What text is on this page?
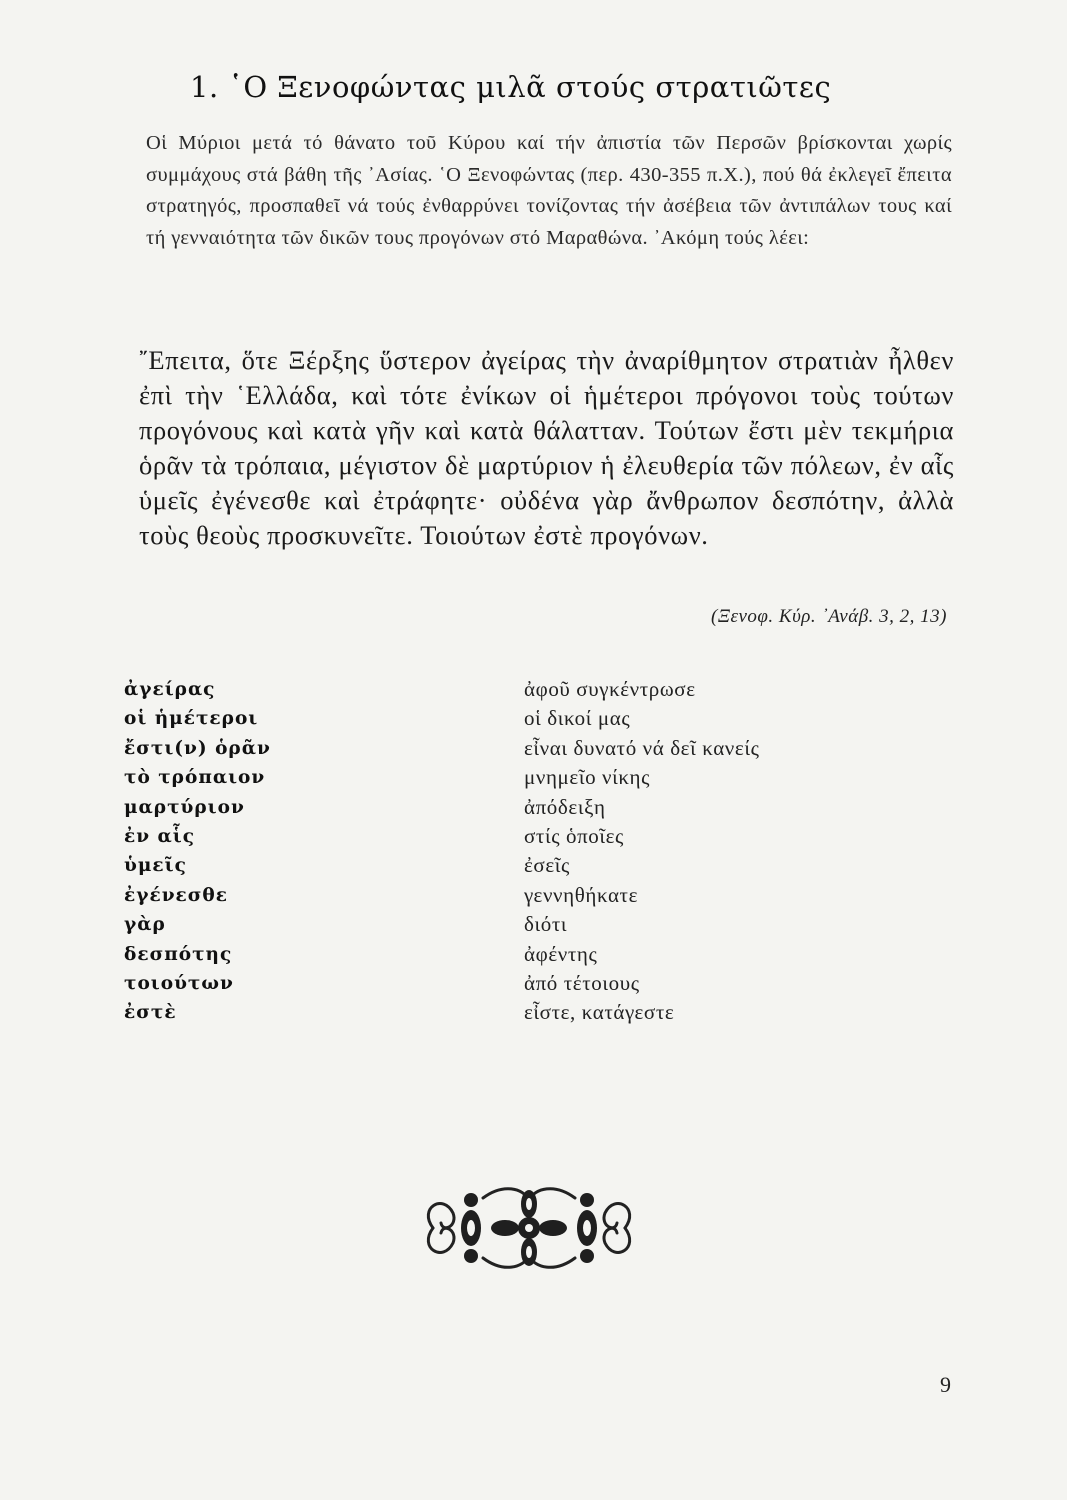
1. ῾Ο Ξενοφώντας μιλᾶ στούς στρατιῶτες
Οἱ Μύριοι μετά τό θάνατο τοῦ Κύρου καί τήν ἀπιστία τῶν Περσῶν βρίσκονται χωρίς συμμάχους στά βάθη τῆς ᾽Ασίας. ῾Ο Ξενοφώντας (περ. 430-355 π.Χ.), πού θά ἐκλεγεῖ ἔπειτα στρατηγός, προσπαθεῖ νά τούς ἐνθαρρύνει τονίζοντας τήν ἀσέβεια τῶν ἀντιπάλων τους καί τή γενναιότητα τῶν δικῶν τους προγόνων στό Μαραθώνα. ᾽Ακόμη τούς λέει:
῎Επειτα, ὅτε Ξέρξης ὕστερον ἀγείρας τὴν ἀναρίθμητον στρατιὰν ἦλθεν ἐπὶ τὴν ῾Ελλάδα, καὶ τότε ἐνίκων οἱ ἡμέτεροι πρόγονοι τοὺς τούτων προγόνους καὶ κατὰ γῆν καὶ κατὰ θάλατταν. Τούτων ἔστι μὲν τεκμήρια ὁρᾶν τὰ τρόπαια, μέγιστον δὲ μαρτύριον ἡ ἐλευθερία τῶν πόλεων, ἐν αἷς ὑμεῖς ἐγένεσθε καὶ ἐτράφητε· οὐδένα γὰρ ἄνθρωπον δεσπότην, ἀλλὰ τοὺς θεοὺς προσκυνεῖτε. Τοιούτων ἐστὲ προγόνων.
(Ξενοφ. Κύρ. ᾽Ανάβ. 3, 2, 13)
ἀγείρας	ἀφοῦ συγκέντρωσε
οἱ ἡμέτεροι	οἱ δικοί μας
ἔστι(ν) ὁρᾶν	εἶναι δυνατό νά δεῖ κανείς
τὸ τρόπαιον	μνημεῖο νίκης
μαρτύριον	ἀπόδειξη
ἐν αἷς	στίς ὁποῖες
ὑμεῖς	ἐσεῖς
ἐγένεσθε	γεννηθήκατε
γὰρ	διότι
δεσπότης	ἀφέντης
τοιούτων	ἀπό τέτοιους
ἐστὲ	εἶστε, κατάγεστε
9
